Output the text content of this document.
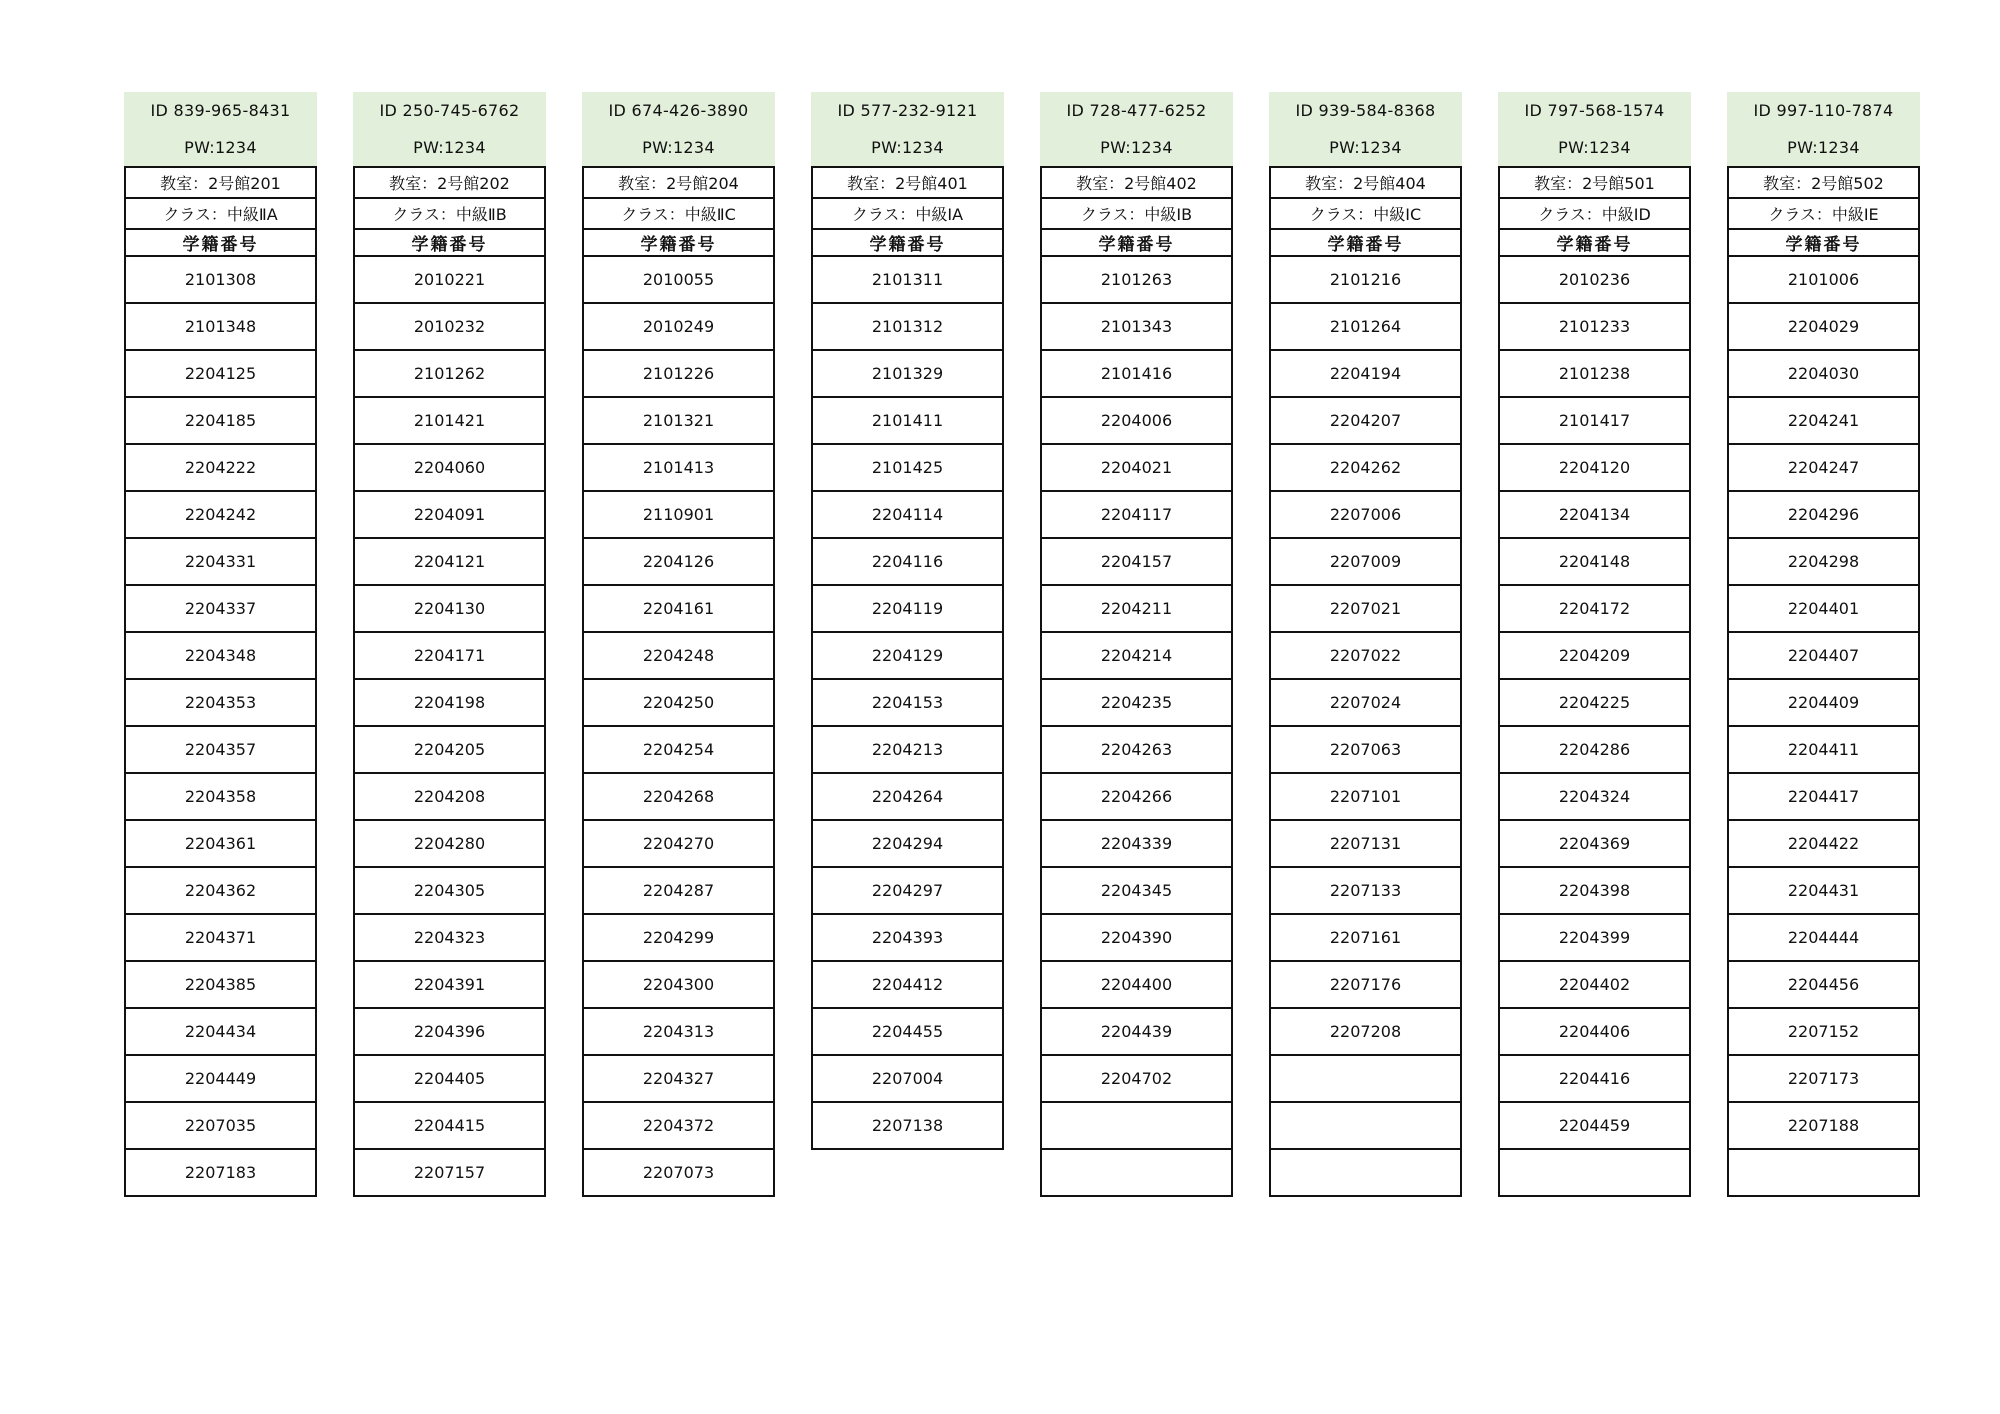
ID 839-965-8431
PW:1234
教室：2号館201
クラス：中級ⅡA
学籍番号
2101308
2101348
2204125
2204185
2204222
2204242
2204331
2204337
2204348
2204353
2204357
2204358
2204361
2204362
2204371
2204385
2204434
2204449
2207035
2207183
ID 250-745-6762
PW:1234
教室：2号館202
クラス：中級ⅡB
学籍番号
2010221
2010232
2101262
2101421
2204060
2204091
2204121
2204130
2204171
2204198
2204205
2204208
2204280
2204305
2204323
2204391
2204396
2204405
2204415
2207157
ID 674-426-3890
PW:1234
教室：2号館204
クラス：中級ⅡC
学籍番号
2010055
2010249
2101226
2101321
2101413
2110901
2204126
2204161
2204248
2204250
2204254
2204268
2204270
2204287
2204299
2204300
2204313
2204327
2204372
2207073
ID 577-232-9121
PW:1234
教室：2号館401
クラス：中級ⅠA
学籍番号
2101311
2101312
2101329
2101411
2101425
2204114
2204116
2204119
2204129
2204153
2204213
2204264
2204294
2204297
2204393
2204412
2204455
2207004
2207138
ID 728-477-6252
PW:1234
教室：2号館402
クラス：中級ⅠB
学籍番号
2101263
2101343
2101416
2204006
2204021
2204117
2204157
2204211
2204214
2204235
2204263
2204266
2204339
2204345
2204390
2204400
2204439
2204702
ID 939-584-8368
PW:1234
教室：2号館404
クラス：中級ⅠC
学籍番号
2101216
2101264
2204194
2204207
2204262
2207006
2207009
2207021
2207022
2207024
2207063
2207101
2207131
2207133
2207161
2207176
2207208
ID 797-568-1574
PW:1234
教室：2号館501
クラス：中級ⅠD
学籍番号
2010236
2101233
2101238
2101417
2204120
2204134
2204148
2204172
2204209
2204225
2204286
2204324
2204369
2204398
2204399
2204402
2204406
2204416
2204459
ID 997-110-7874
PW:1234
教室：2号館502
クラス：中級ⅠE
学籍番号
2101006
2204029
2204030
2204241
2204247
2204296
2204298
2204401
2204407
2204409
2204411
2204417
2204422
2204431
2204444
2204456
2207152
2207173
2207188
